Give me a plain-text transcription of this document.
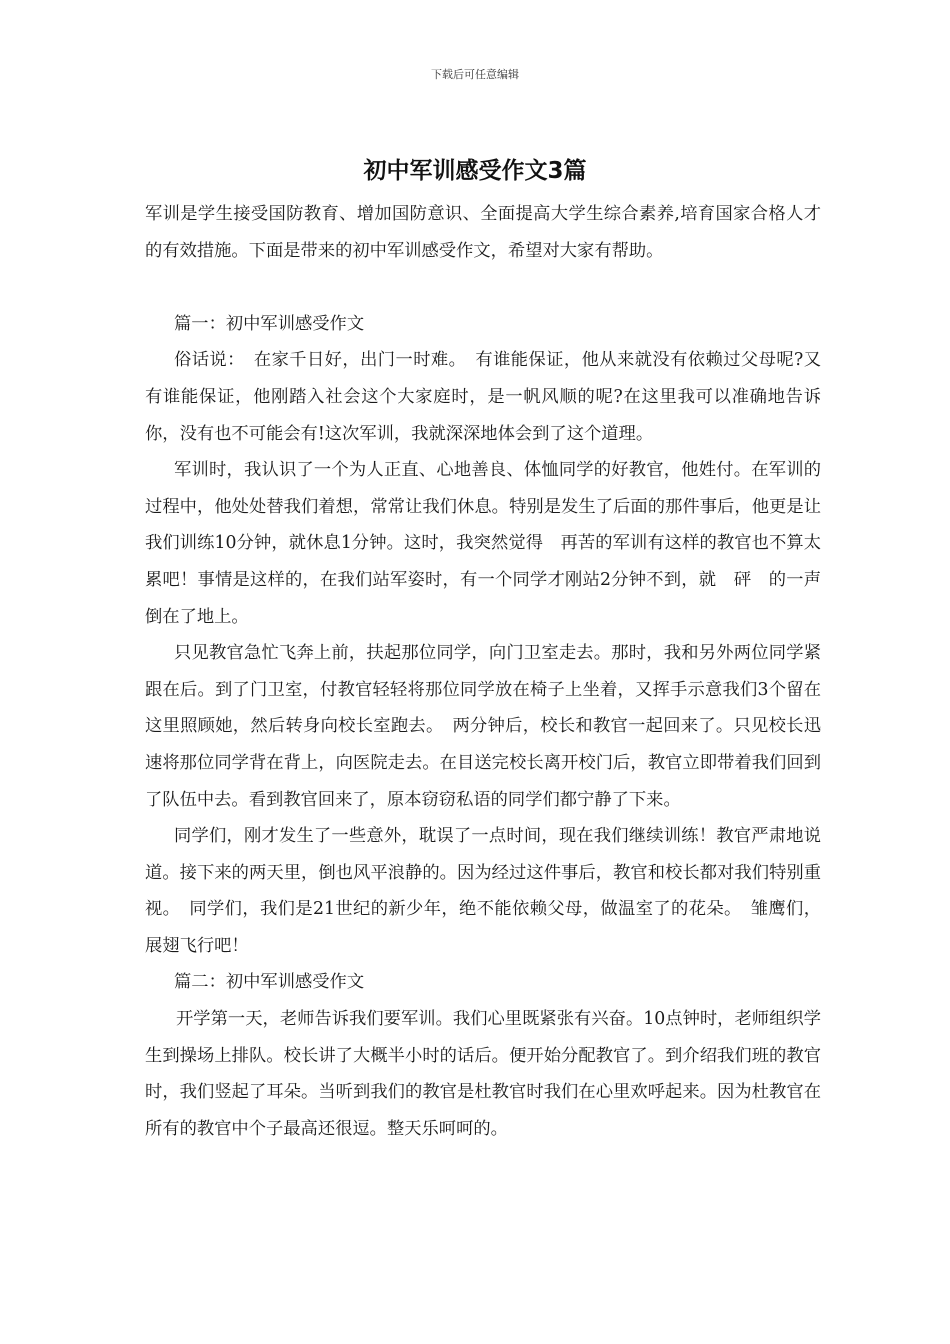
下载后可任意编辑
初中军训感受作文3篇

军训是学生接受国防教育、增加国防意识、全面提高大学生综合素养,培育国家合格人才的有效措施。下面是带来的初中军训感受作文，希望对大家有帮助。

篇一：初中军训感受作文

俗话说：　在家千日好，出门一时难。　有谁能保证，他从来就没有依赖过父母呢?又有谁能保证，他刚踏入社会这个大家庭时，是一帆风顺的呢?在这里我可以准确地告诉你，没有也不可能会有!这次军训，我就深深地体会到了这个道理。

军训时，我认识了一个为人正直、心地善良、体恤同学的好教官，他姓付。在军训的过程中，他处处替我们着想，常常让我们休息。特别是发生了后面的那件事后，他更是让我们训练10分钟，就休息1分钟。这时，我突然觉得　再苦的军训有这样的教官也不算太累吧！事情是这样的，在我们站军姿时，有一个同学才刚站2分钟不到，就　砰　的一声倒在了地上。

只见教官急忙飞奔上前，扶起那位同学，向门卫室走去。那时，我和另外两位同学紧跟在后。到了门卫室，付教官轻轻将那位同学放在椅子上坐着，又挥手示意我们3个留在这里照顾她，然后转身向校长室跑去。　两分钟后，校长和教官一起回来了。只见校长迅速将那位同学背在背上，向医院走去。在目送完校长离开校门后，教官立即带着我们回到了队伍中去。看到教官回来了，原本窃窃私语的同学们都宁静了下来。

同学们，刚才发生了一些意外，耽误了一点时间，现在我们继续训练！教官严肃地说道。接下来的两天里，倒也风平浪静的。因为经过这件事后，教官和校长都对我们特别重视。　同学们，我们是21世纪的新少年，绝不能依赖父母，做温室了的花朵。　雏鹰们，展翅飞行吧！

篇二：初中军训感受作文

开学第一天，老师告诉我们要军训。我们心里既紧张有兴奋。10点钟时，老师组织学生到操场上排队。校长讲了大概半小时的话后。便开始分配教官了。到介绍我们班的教官时，我们竖起了耳朵。当听到我们的教官是杜教官时我们在心里欢呼起来。因为杜教官在所有的教官中个子最高还很逗。整天乐呵呵的。
